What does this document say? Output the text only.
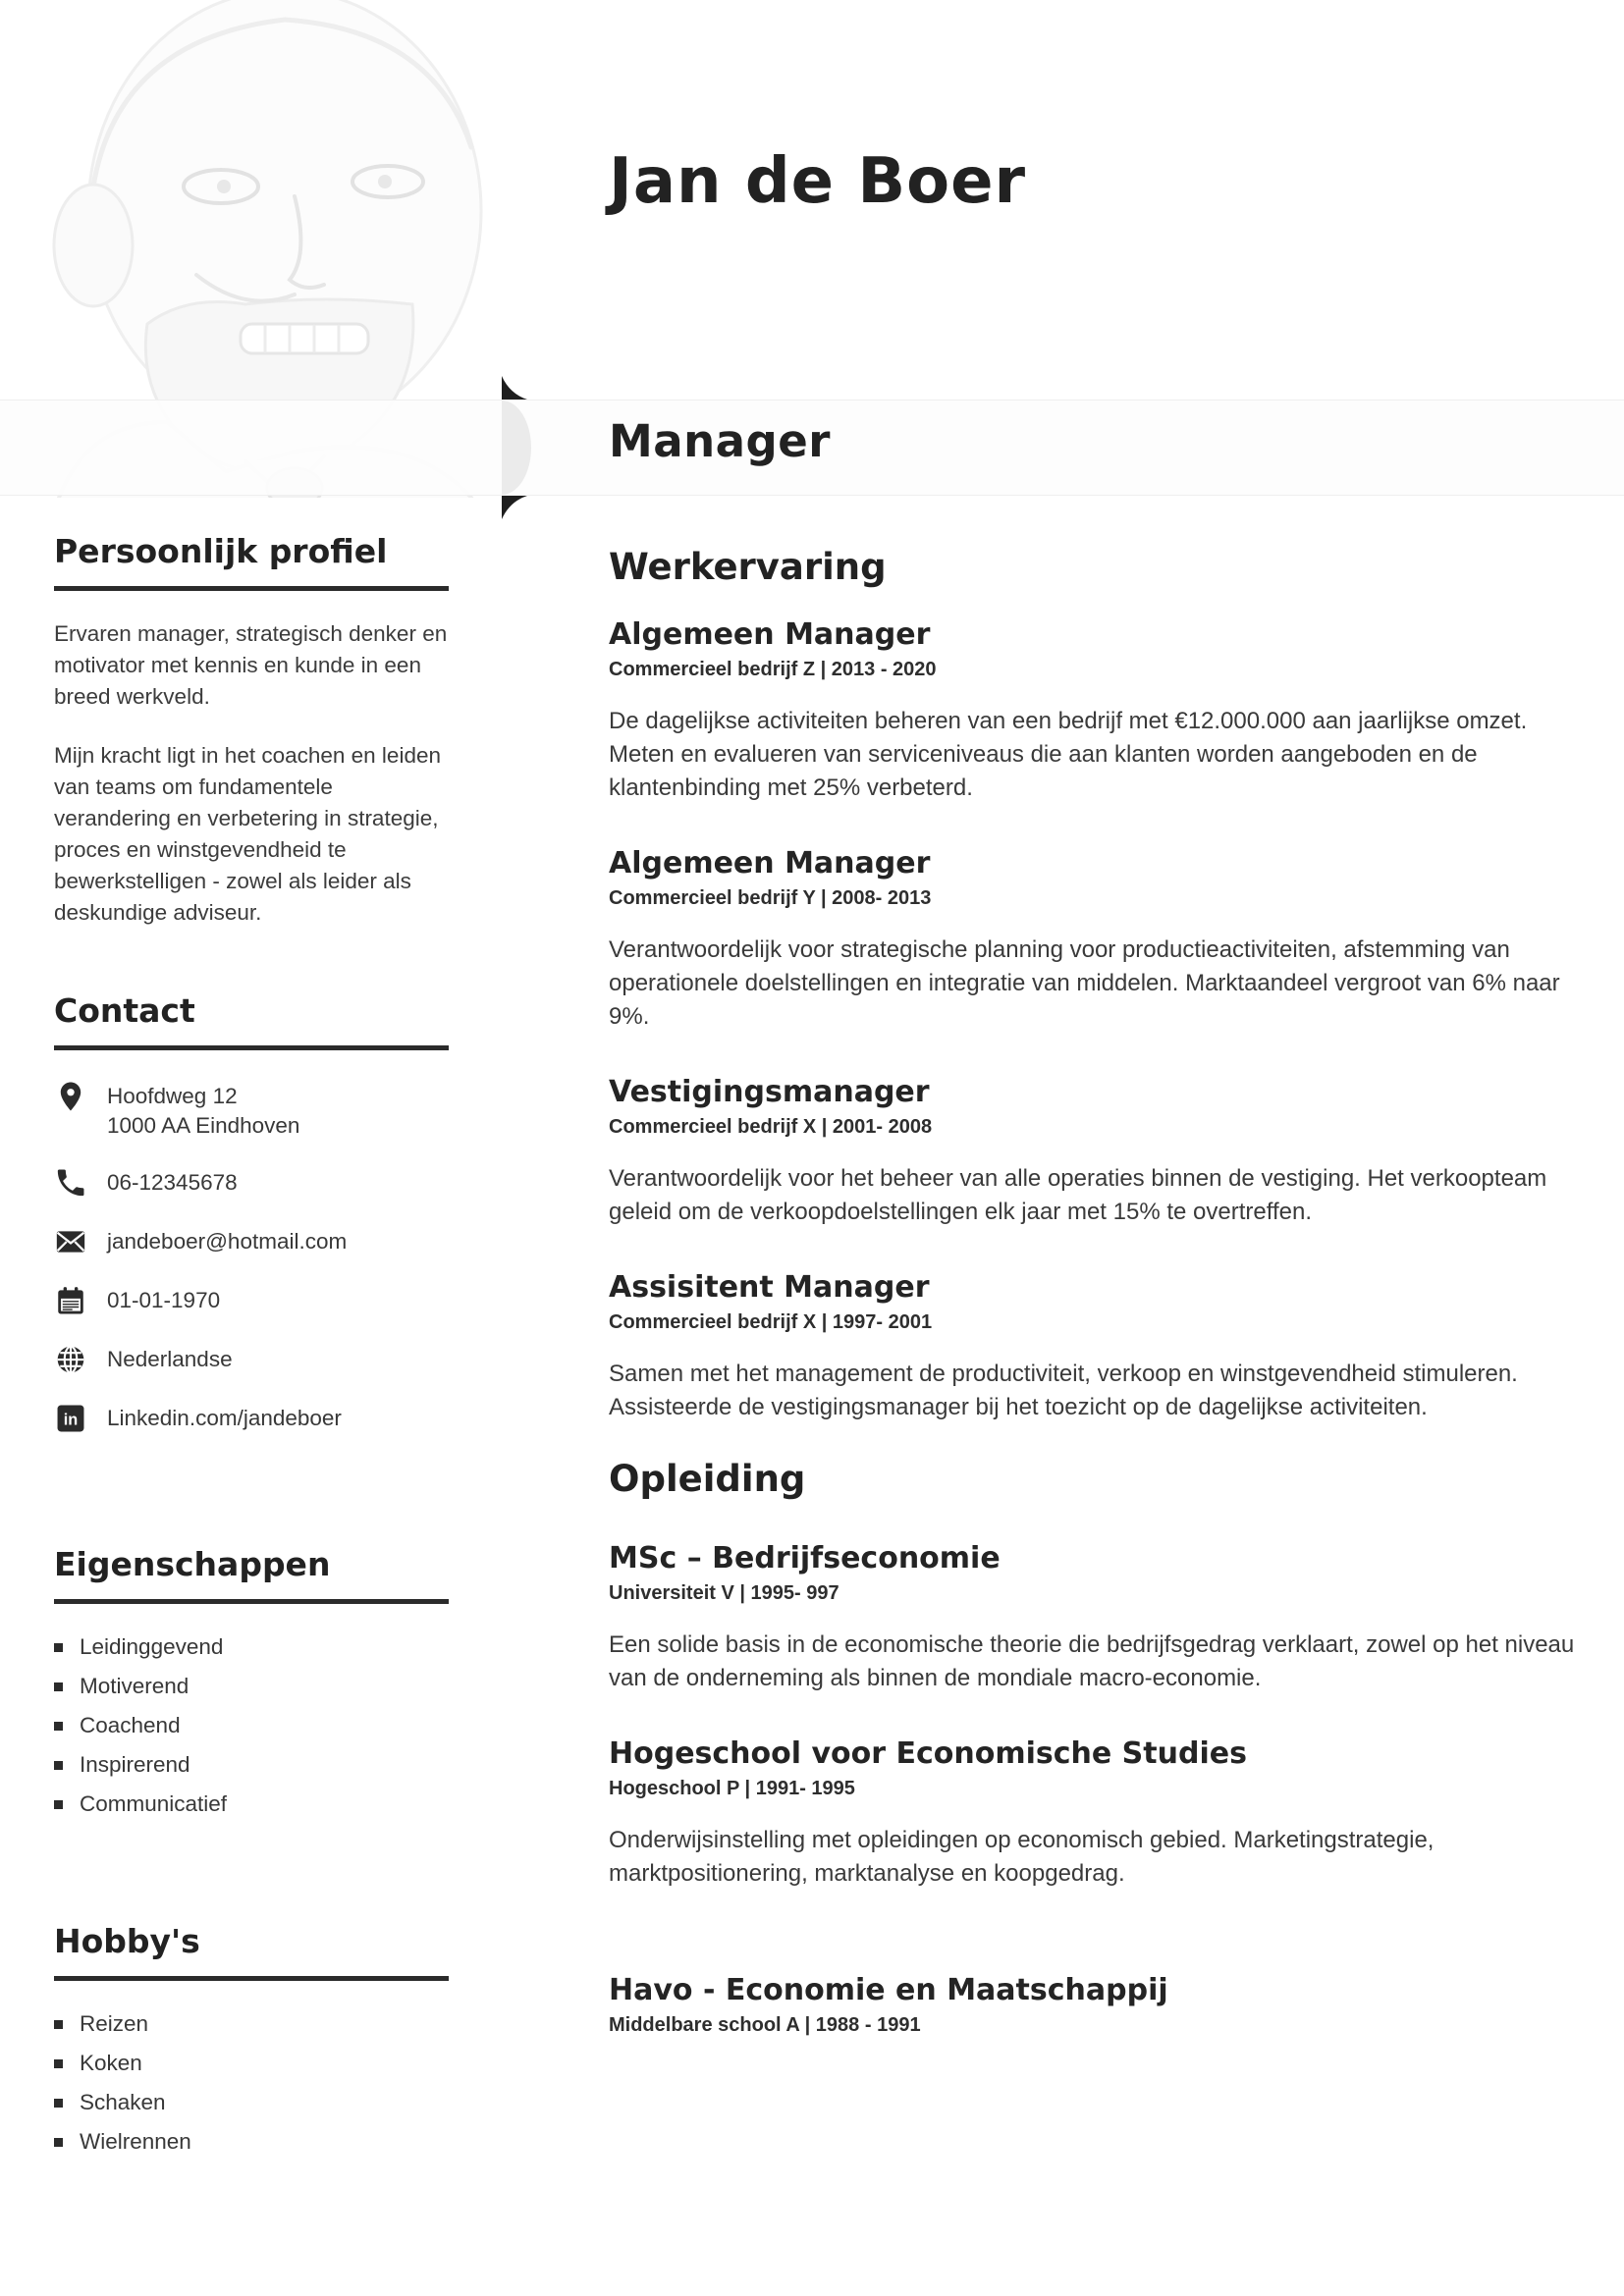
Jan de Boer
Manager
Persoonlijk profiel
Ervaren manager, strategisch denker en motivator met kennis en kunde in een breed werkveld.
Mijn kracht ligt in het coachen en leiden van teams om fundamentele verandering en verbetering in strategie, proces en winstgevendheid te bewerkstelligen - zowel als leider als deskundige adviseur.
Contact
Hoofdweg 12
1000 AA Eindhoven
06-12345678
jandeboer@hotmail.com
01-01-1970
Nederlandse
in Linkedin.com/jandeboer
Eigenschappen
Leidinggevend
Motiverend
Coachend
Inspirerend
Communicatief
Hobby's
Reizen
Koken
Schaken
Wielrennen
Werkervaring
Algemeen Manager
Commercieel bedrijf Z | 2013 - 2020
De dagelijkse activiteiten beheren van een bedrijf met €12.000.000 aan jaarlijkse omzet. Meten en evalueren van serviceniveaus die aan klanten worden aangeboden en de klantenbinding met 25% verbeterd.
Algemeen Manager
Commercieel bedrijf Y | 2008- 2013
Verantwoordelijk voor strategische planning voor productieactiviteiten, afstemming van operationele doelstellingen en integratie van middelen. Marktaandeel vergroot van 6% naar 9%.
Vestigingsmanager
Commercieel bedrijf X | 2001- 2008
Verantwoordelijk voor het beheer van alle operaties binnen de vestiging. Het verkoopteam geleid om de verkoopdoelstellingen elk jaar met 15% te overtreffen.
Assisitent Manager
Commercieel bedrijf X | 1997- 2001
Samen met het management de productiviteit, verkoop en winstgevendheid stimuleren. Assisteerde de vestigingsmanager bij het toezicht op de dagelijkse activiteiten.
Opleiding
MSc – Bedrijfseconomie
Universiteit V | 1995- 997
Een solide basis in de economische theorie die bedrijfsgedrag verklaart, zowel op het niveau van de onderneming als binnen de mondiale macro-economie.
Hogeschool voor Economische Studies
Hogeschool P | 1991- 1995
Onderwijsinstelling met opleidingen op economisch gebied. Marketingstrategie, marktpositionering, marktanalyse en koopgedrag.
Havo - Economie en Maatschappij
Middelbare school A | 1988 - 1991
